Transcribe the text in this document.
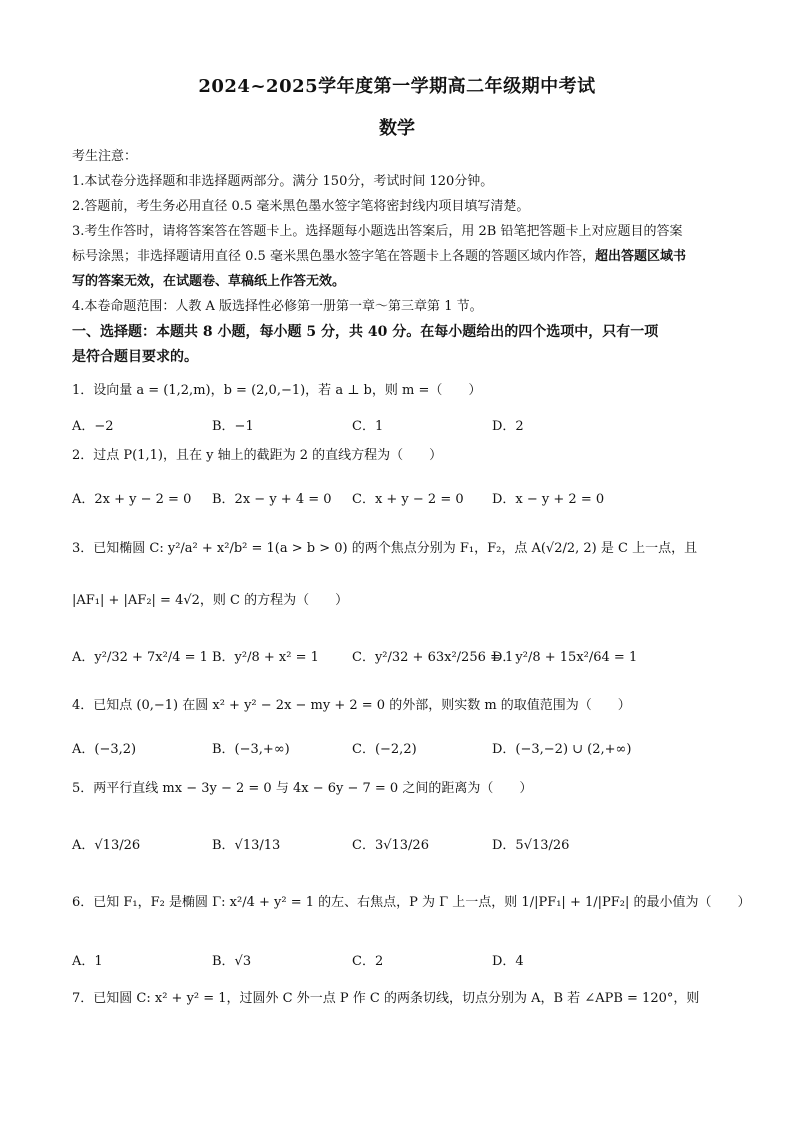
2024~2025学年度第一学期高二年级期中考试
数学
考生注意：
1.本试卷分选择题和非选择题两部分。满分 150分，考试时间 120分钟。
2.答题前，考生务必用直径 0.5 毫米黑色墨水签字笔将密封线内项目填写清楚。
3.考生作答时，请将答案答在答题卡上。选择题每小题选出答案后，用 2B 铅笔把答题卡上对应题目的答案
标号涂黑；非选择题请用直径 0.5 毫米黑色墨水签字笔在答题卡上各题的答题区域内作答，超出答题区域书
写的答案无效，在试题卷、草稿纸上作答无效。
4.本卷命题范围：人教 A 版选择性必修第一册第一章～第三章第 1 节。
一、选择题：本题共 8 小题，每小题 5 分，共 40 分。在每小题给出的四个选项中，只有一项
是符合题目要求的。
1．设向量 a = (1,2,m)，b = (2,0,−1)，若 a ⊥ b，则 m =（　　）
A．−2	B．−1	C．1	D．2
2．过点 P(1,1)，且在 y 轴上的截距为 2 的直线方程为（　　）
A．2x + y − 2 = 0 B．2x − y + 4 = 0 C．x + y − 2 = 0 D．x − y + 2 = 0
3．已知椭圆 C: y²/a² + x²/b² = 1(a > b > 0) 的两个焦点分别为 F₁，F₂，点 A(√2/2, 2) 是 C 上一点，且
|AF₁| + |AF₂| = 4√2，则 C 的方程为（　　）
A．y²/32 + 7x²/4 = 1 B．y²/8 + x² = 1	C．y²/32 + 63x²/256 = 1
D．y²/8 + 15x²/64 = 1
4．已知点 (0,−1) 在圆 x² + y² − 2x − my + 2 = 0 的外部，则实数 m 的取值范围为（　　）
A．(−3,2)	B．(−3,+∞)	C．(−2,2)	D．(−3,−2) ∪ (2,+∞)
5．两平行直线 mx − 3y − 2 = 0 与 4x − 6y − 7 = 0 之间的距离为（　　）
A．√13/26	B．√13/13	C．3√13/26	D．5√13/26
6．已知 F₁，F₂ 是椭圆 Γ: x²/4 + y² = 1 的左、右焦点，P 为 Γ 上一点，则 1/|PF₁| + 1/|PF₂| 的最小值为（　　）
A．1	B．√3	C．2	D．4
7．已知圆 C: x² + y² = 1，过圆外 C 外一点 P 作 C 的两条切线，切点分别为 A，B 若 ∠APB = 120°，则
